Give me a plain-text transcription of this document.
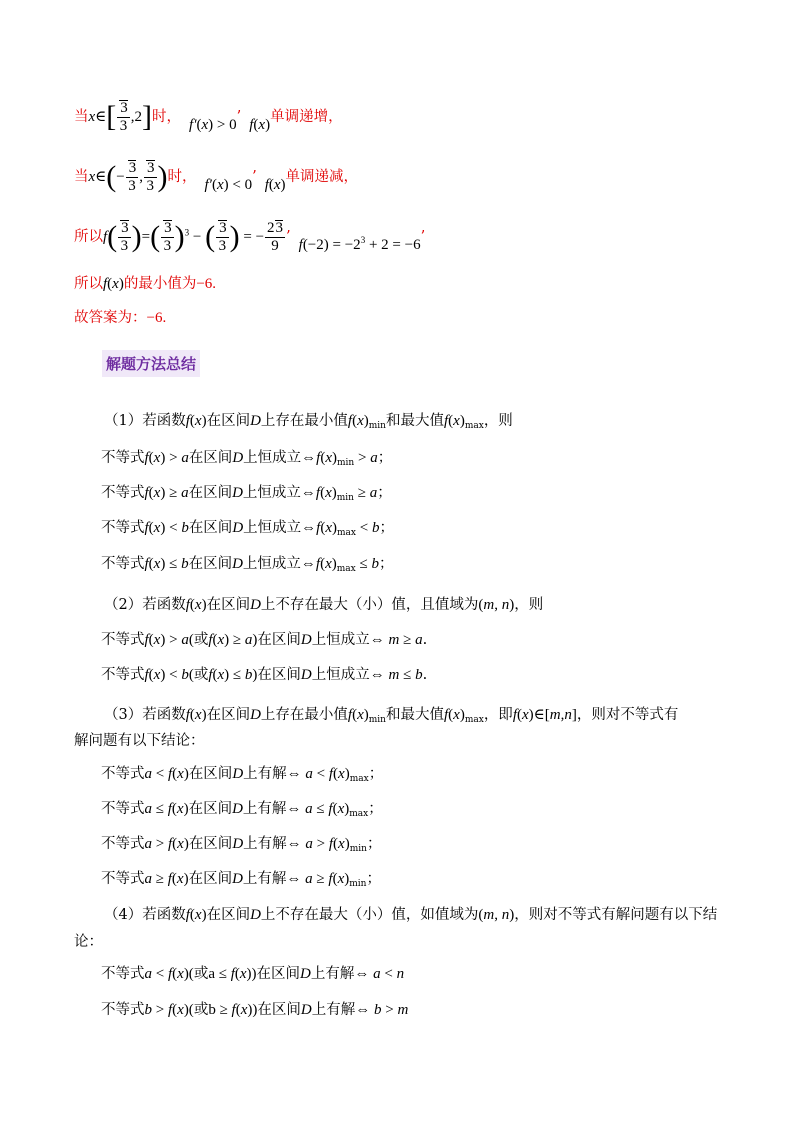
当x∈[ $\frac{3}{3} ,2$]时， f′(x) > 0’ f(x)单调递增，
当x∈(− $\frac{3}{3}$ , $\frac{3}{3}$ )时， f′(x) < 0’ f(x)单调递减，
所以$f( \frac{3}{3}$ )=( $\frac{3}{3} )^3$ − ( $\frac{3}{3}$ ) = − $\frac{23}{9}$ ’ $f(-2) = -2^3 + 2 = -6$’
所以f(x)的最小值为−6.
故答案为：−6.
解题方法总结
（1）若函数f(x)在区间D上存在最小值$f(x)_{min}$和最大值$f(x)_{max}$，则
不等式f(x) > a在区间D上恒成立$\Leftrightarrow f(x)_{min} > a$；
不等式f(x) ≥ a在区间D上恒成立$\Leftrightarrow f(x)_{min} \ge a$；
不等式f(x) < b在区间D上恒成立$\Leftrightarrow f(x)_{max} < b$；
不等式f(x) ≤ b在区间D上恒成立$\Leftrightarrow f(x)_{max} \le b$；
（2）若函数f(x)在区间D上不存在最大（小）值，且值域为(m, n)，则
不等式f(x) > a(或f(x) ≥ a)在区间D上恒成立⇔ m ≥ a.
不等式f(x) < b(或f(x) ≤ b)在区间D上恒成立⇔ m ≤ b.
（3）若函数f(x)在区间D上存在最小值$f(x)_{min}$和最大值$f(x)_{max}$，即f(x)∈[m,n]，则对不等式有
解问题有以下结论：
不等式a < f(x)在区间D上有解⇔ $a < f(x)_{max}$；
不等式a ≤ f(x)在区间D上有解⇔ $a \le f(x)_{max}$；
不等式a > f(x)在区间D上有解⇔ $a > f(x)_{min}$；
不等式a ≥ f(x)在区间D上有解⇔ $a \ge f(x)_{min}$；
（4）若函数f(x)在区间D上不存在最大（小）值，如值域为(m, n)，则对不等式有解问题有以下结
论：
不等式a < f(x)(或a ≤ f(x))在区间D上有解⇔ a < n
不等式b > f(x)(或b ≥ f(x))在区间D上有解⇔ b > m
